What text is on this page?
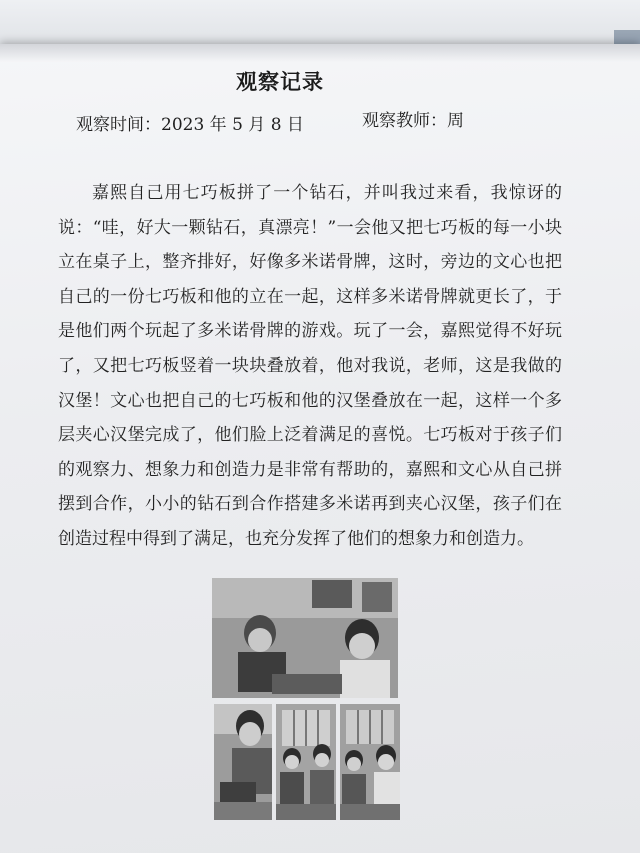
观察记录
观察时间：2023 年 5 月 8 日	观察教师：周

嘉熙自己用七巧板拼了一个钻石，并叫我过来看，我惊讶的说：“哇，好大一颗钻石，真漂亮！”一会他又把七巧板的每一小块立在桌子上，整齐排好，好像多米诺骨牌，这时，旁边的文心也把自己的一份七巧板和他的立在一起，这样多米诺骨牌就更长了，于是他们两个玩起了多米诺骨牌的游戏。玩了一会，嘉熙觉得不好玩了，又把七巧板竖着一块块叠放着，他对我说，老师，这是我做的汉堡！文心也把自己的七巧板和他的汉堡叠放在一起，这样一个多层夹心汉堡完成了，他们脸上泛着满足的喜悦。七巧板对于孩子们的观察力、想象力和创造力是非常有帮助的，嘉熙和文心从自己拼摆到合作，小小的钻石到合作搭建多米诺再到夹心汉堡，孩子们在创造过程中得到了满足，也充分发挥了他们的想象力和创造力。
